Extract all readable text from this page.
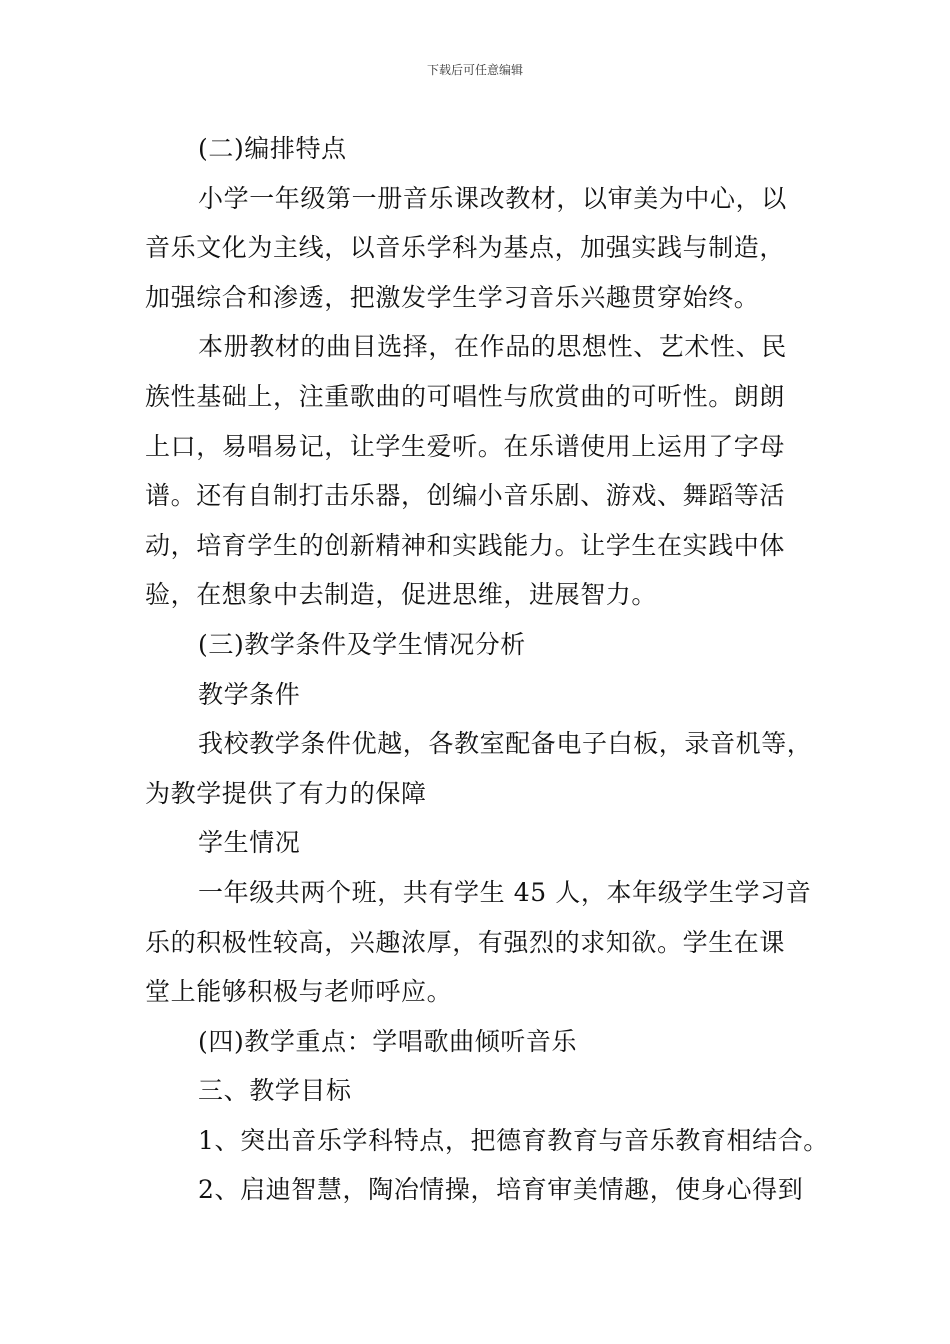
下载后可任意编辑

(二)编排特点

小学一年级第一册音乐课改教材，以审美为中心，以

音乐文化为主线，以音乐学科为基点，加强实践与制造，

加强综合和渗透，把激发学生学习音乐兴趣贯穿始终。

本册教材的曲目选择，在作品的思想性、艺术性、民

族性基础上，注重歌曲的可唱性与欣赏曲的可听性。朗朗

上口，易唱易记，让学生爱听。在乐谱使用上运用了字母

谱。还有自制打击乐器，创编小音乐剧、游戏、舞蹈等活

动，培育学生的创新精神和实践能力。让学生在实践中体

验，在想象中去制造，促进思维，进展智力。

(三)教学条件及学生情况分析

教学条件

我校教学条件优越，各教室配备电子白板，录音机等，

为教学提供了有力的保障

学生情况

一年级共两个班，共有学生 45 人，本年级学生学习音

乐的积极性较高，兴趣浓厚，有强烈的求知欲。学生在课

堂上能够积极与老师呼应。

(四)教学重点：学唱歌曲倾听音乐

三、教学目标

1、突出音乐学科特点，把德育教育与音乐教育相结合。

2、启迪智慧，陶冶情操，培育审美情趣，使身心得到
